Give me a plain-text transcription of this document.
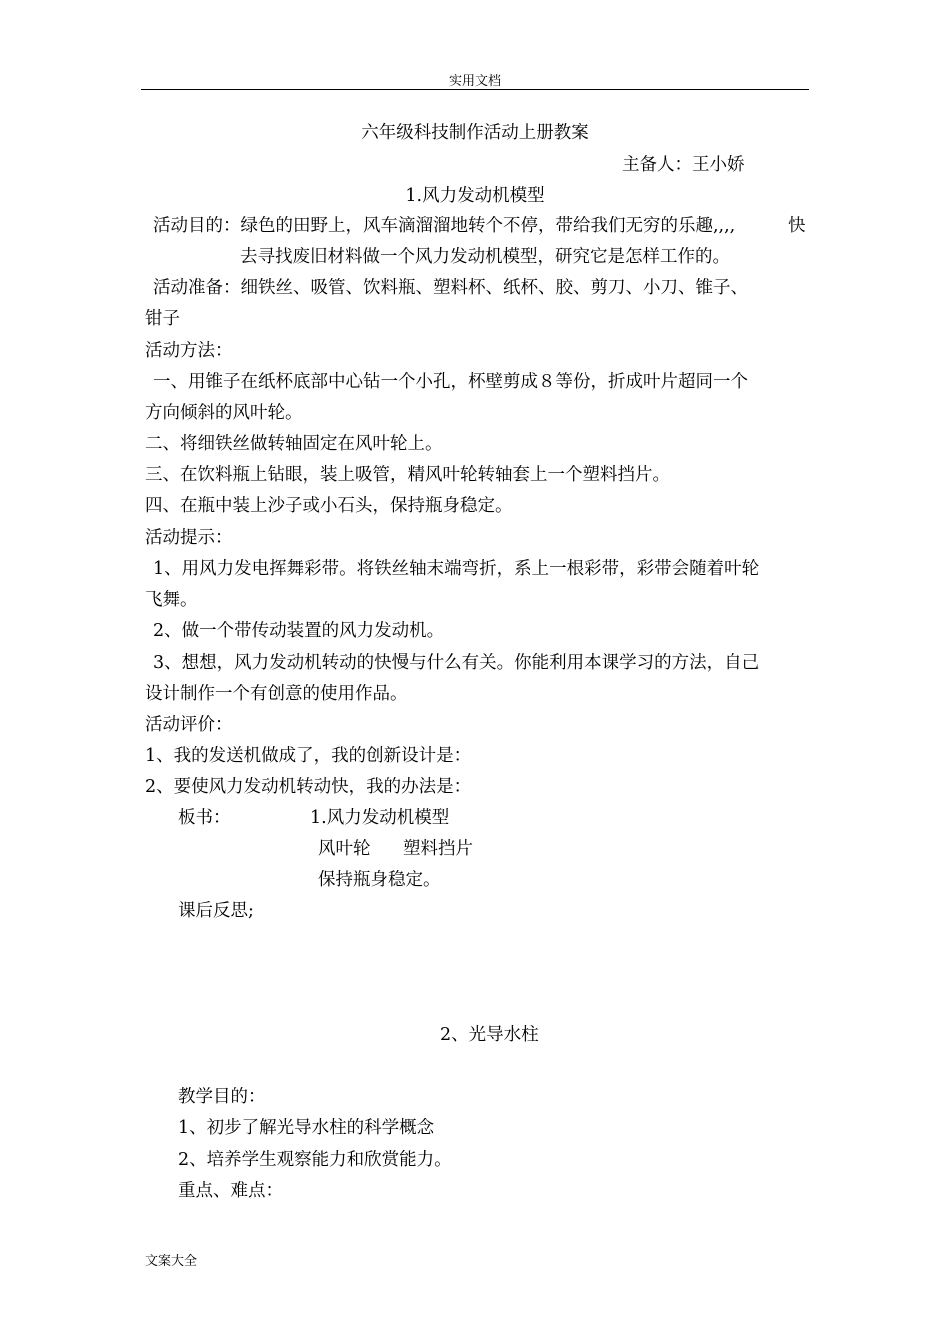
实用文档
六年级科技制作活动上册教案
主备人：王小娇
1.风力发动机模型
活动目的：绿色的田野上，风车滴溜溜地转个不停，带给我们无穷的乐趣,,,,	快
去寻找废旧材料做一个风力发动机模型，研究它是怎样工作的。
活动准备：细铁丝、吸管、饮料瓶、塑料杯、纸杯、胶、剪刀、小刀、锥子、
钳子
活动方法：
一、用锥子在纸杯底部中心钻一个小孔，杯壁剪成８等份，折成叶片超同一个
方向倾斜的风叶轮。
二、将细铁丝做转轴固定在风叶轮上。
三、在饮料瓶上钻眼，装上吸管，精风叶轮转轴套上一个塑料挡片。
四、在瓶中装上沙子或小石头，保持瓶身稳定。
活动提示：
1、用风力发电挥舞彩带。将铁丝轴末端弯折，系上一根彩带，彩带会随着叶轮
飞舞。
2、做一个带传动装置的风力发动机。
3、想想，风力发动机转动的快慢与什么有关。你能利用本课学习的方法，自己
设计制作一个有创意的使用作品。
活动评价：
1、我的发送机做成了，我的创新设计是：
2、要使风力发动机转动快，我的办法是：
板书：	1.风力发动机模型
风叶轮 塑料挡片
保持瓶身稳定。
课后反思;
2、光导水柱
教学目的：
1、初步了解光导水柱的科学概念
2、培养学生观察能力和欣赏能力。
重点、难点：
文案大全
